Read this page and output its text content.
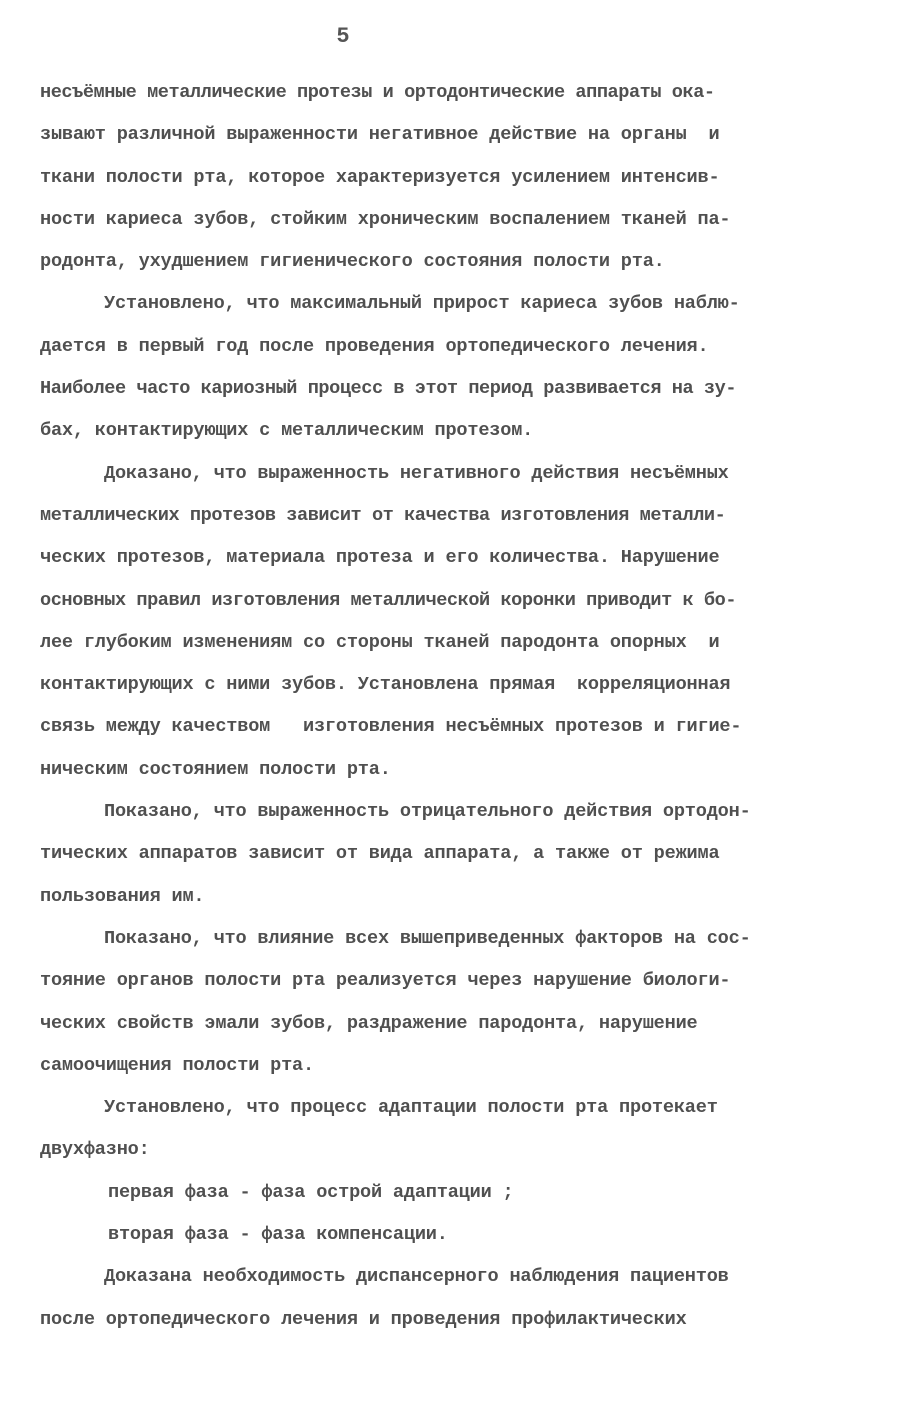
5
несъёмные металлические протезы и ортодонтические аппараты ока-
зывают различной выраженности негативное действие на органы  и
ткани полости рта, которое характеризуется усилением интенсив-
ности кариеса зубов, стойким хроническим воспалением тканей па-
родонта, ухудшением гигиенического состояния полости рта.
Установлено, что максимальный прирост кариеса зубов наблю-
дается в первый год после проведения ортопедического лечения.
Наиболее часто кариозный процесс в этот период развивается на зу-
бах, контактирующих с металлическим протезом.
Доказано, что выраженность негативного действия несъёмных
металлических протезов зависит от качества изготовления металли-
ческих протезов, материала протеза и его количества. Нарушение
основных правил изготовления металлической коронки приводит к бо-
лее глубоким изменениям со стороны тканей пародонта опорных  и
контактирующих с ними зубов. Установлена прямая  корреляционная
связь между качеством   изготовления несъёмных протезов и гигие-
ническим состоянием полости рта.
Показано, что выраженность отрицательного действия ортодон-
тических аппаратов зависит от вида аппарата, а также от режима
пользования им.
Показано, что влияние всех вышеприведенных факторов на сос-
тояние органов полости рта реализуется через нарушение биологи-
ческих свойств эмали зубов, раздражение пародонта, нарушение
самоочищения полости рта.
Установлено, что процесс адаптации полости рта протекает
двухфазно:
первая фаза - фаза острой адаптации ;
вторая фаза - фаза компенсации.
Доказана необходимость диспансерного наблюдения пациентов
после ортопедического лечения и проведения профилактических
